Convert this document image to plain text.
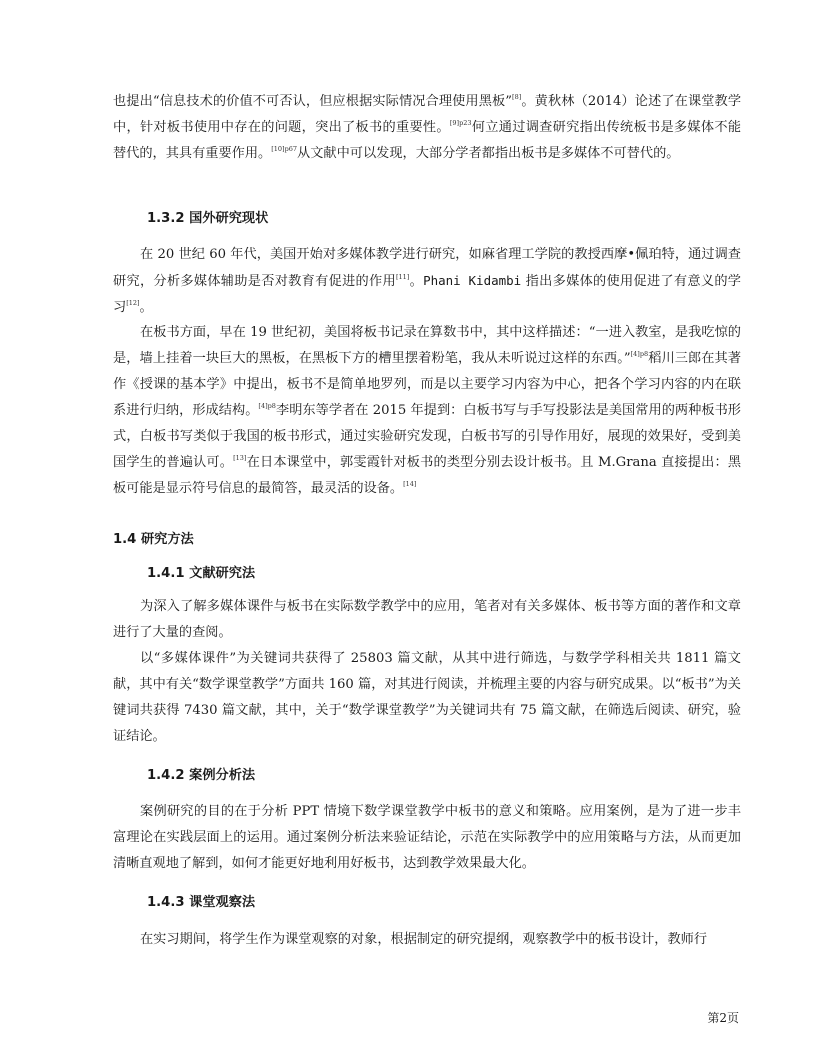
也提出“信息技术的价值不可否认，但应根据实际情况合理使用黑板”[8]。黄秋林（2014）论述了在课堂教学中，针对板书使用中存在的问题，突出了板书的重要性。$^{[9]p23}$何立通过调查研究指出传统板书是多媒体不能替代的，其具有重要作用。$^{[10]p67}$从文献中可以发现，大部分学者都指出板书是多媒体不可替代的。

1.3.2 国外研究现状

在 20 世纪 60 年代，美国开始对多媒体教学进行研究，如麻省理工学院的教授西摩•佩珀特，通过调查研究，分析多媒体辅助是否对教育有促进的作用[11]。Phani Kidambi 指出多媒体的使用促进了有意义的学习[12]。

在板书方面，早在 19 世纪初，美国将板书记录在算数书中，其中这样描述：“一进入教室，是我吃惊的是，墙上挂着一块巨大的黑板，在黑板下方的槽里摆着粉笔，我从未听说过这样的东西。”$^{[4]p8}$稻川三郎在其著作《授课的基本学》中提出，板书不是简单地罗列，而是以主要学习内容为中心，把各个学习内容的内在联系进行归纳，形成结构。$^{[4]p8}$李明东等学者在 2015 年提到：白板书写与手写投影法是美国常用的两种板书形式，白板书写类似于我国的板书形式，通过实验研究发现，白板书写的引导作用好，展现的效果好，受到美国学生的普遍认可。[13]在日本课堂中，郭雯霞针对板书的类型分别去设计板书。且 M.Grana 直接提出：黑板可能是显示符号信息的最简答，最灵活的设备。[14]

1.4 研究方法
1.4.1 文献研究法

为深入了解多媒体课件与板书在实际数学教学中的应用，笔者对有关多媒体、板书等方面的著作和文章进行了大量的查阅。

以“多媒体课件”为关键词共获得了 25803 篇文献，从其中进行筛选，与数学学科相关共 1811 篇文献，其中有关“数学课堂教学”方面共 160 篇，对其进行阅读，并梳理主要的内容与研究成果。以“板书”为关键词共获得 7430 篇文献，其中，关于“数学课堂教学”为关键词共有 75 篇文献，在筛选后阅读、研究，验证结论。

1.4.2 案例分析法

案例研究的目的在于分析 PPT 情境下数学课堂教学中板书的意义和策略。应用案例，是为了进一步丰富理论在实践层面上的运用。通过案例分析法来验证结论，示范在实际教学中的应用策略与方法，从而更加清晰直观地了解到，如何才能更好地利用好板书，达到教学效果最大化。

1.4.3 课堂观察法

在实习期间，将学生作为课堂观察的对象，根据制定的研究提纲，观察教学中的板书设计，教师行

第2页
